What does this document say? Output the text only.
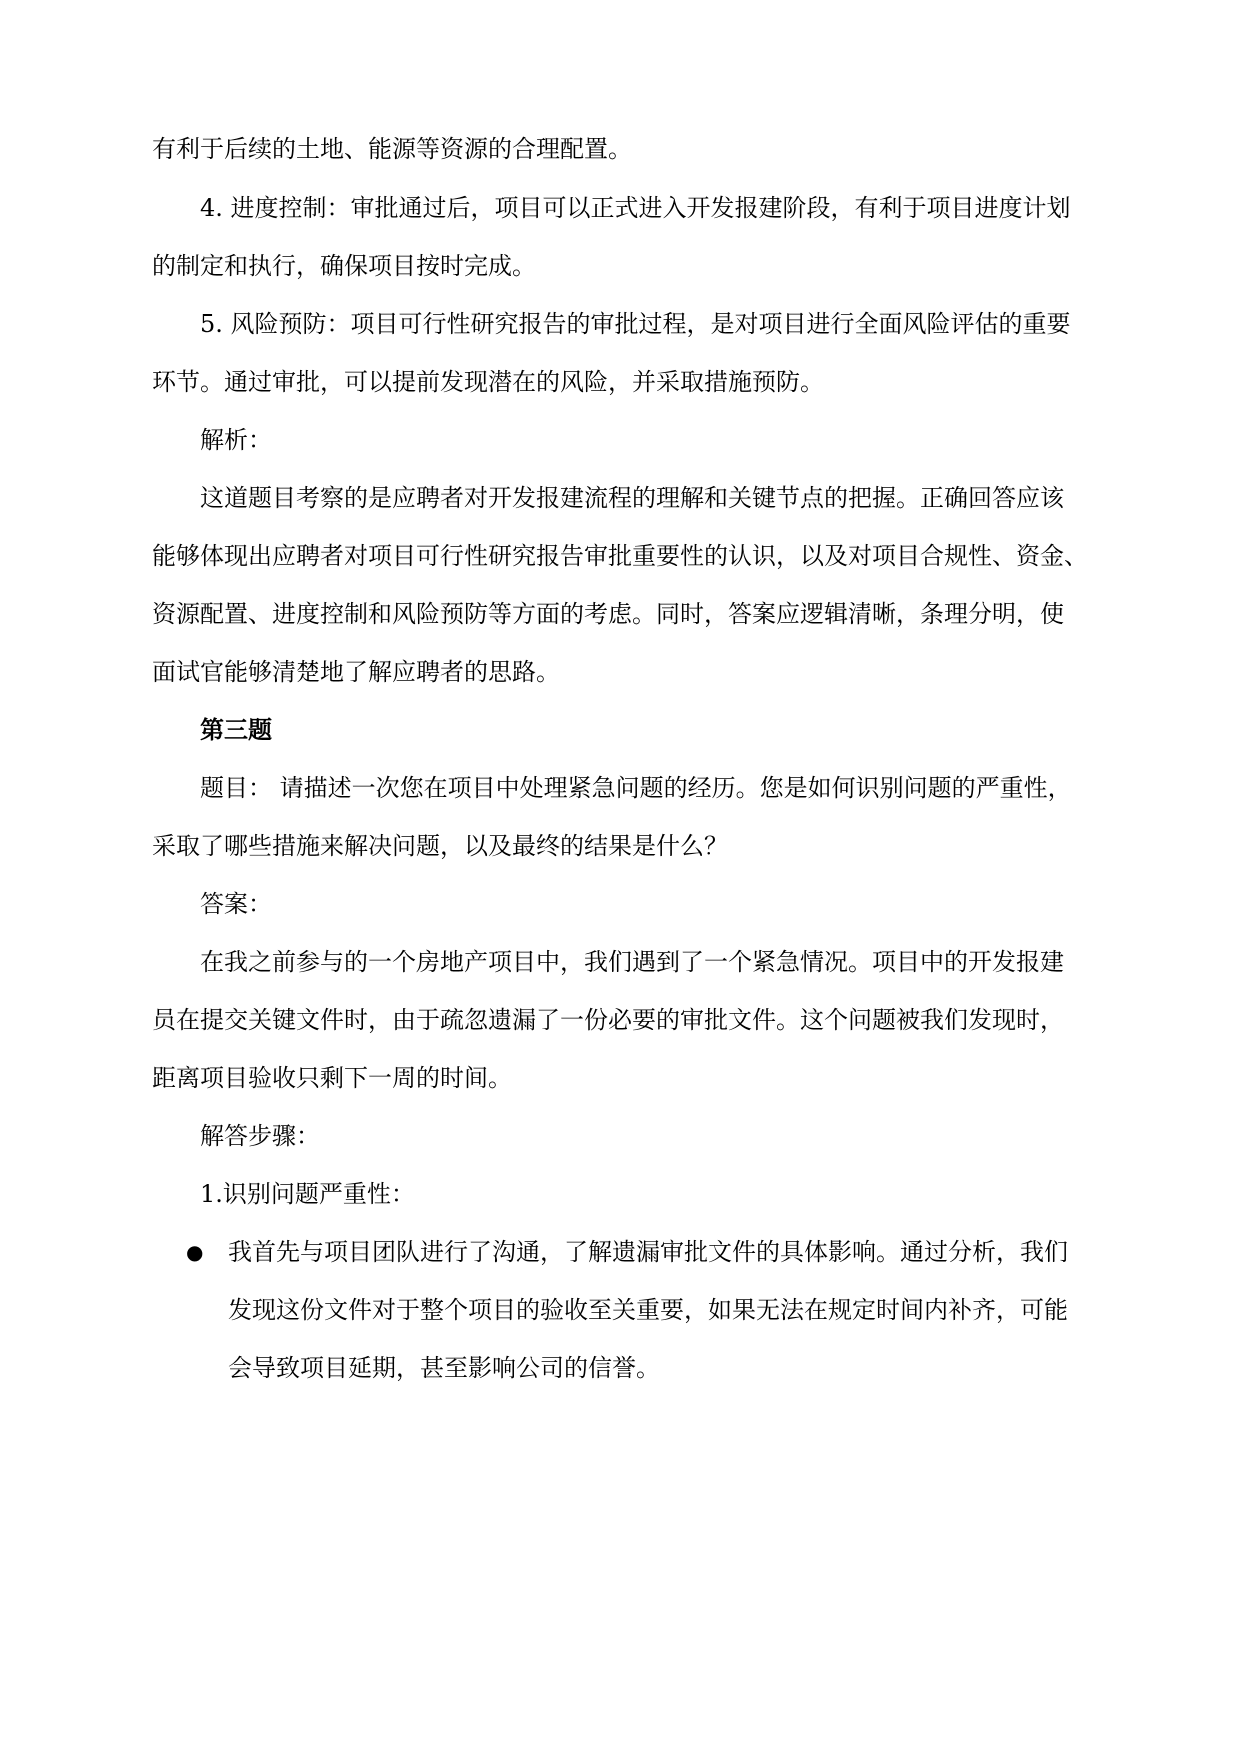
有利于后续的土地、能源等资源的合理配置。
4. 进度控制：审批通过后，项目可以正式进入开发报建阶段，有利于项目进度计划
的制定和执行，确保项目按时完成。
5. 风险预防：项目可行性研究报告的审批过程，是对项目进行全面风险评估的重要
环节。通过审批，可以提前发现潜在的风险，并采取措施预防。
解析：
这道题目考察的是应聘者对开发报建流程的理解和关键节点的把握。正确回答应该
能够体现出应聘者对项目可行性研究报告审批重要性的认识，以及对项目合规性、资金、
资源配置、进度控制和风险预防等方面的考虑。同时，答案应逻辑清晰，条理分明，使
面试官能够清楚地了解应聘者的思路。
第三题
题目： 请描述一次您在项目中处理紧急问题的经历。您是如何识别问题的严重性，
采取了哪些措施来解决问题，以及最终的结果是什么？
答案：
在我之前参与的一个房地产项目中，我们遇到了一个紧急情况。项目中的开发报建
员在提交关键文件时，由于疏忽遗漏了一份必要的审批文件。这个问题被我们发现时，
距离项目验收只剩下一周的时间。
解答步骤：
1.识别问题严重性：
● 我首先与项目团队进行了沟通，了解遗漏审批文件的具体影响。通过分析，我们
发现这份文件对于整个项目的验收至关重要，如果无法在规定时间内补齐，可能
会导致项目延期，甚至影响公司的信誉。
